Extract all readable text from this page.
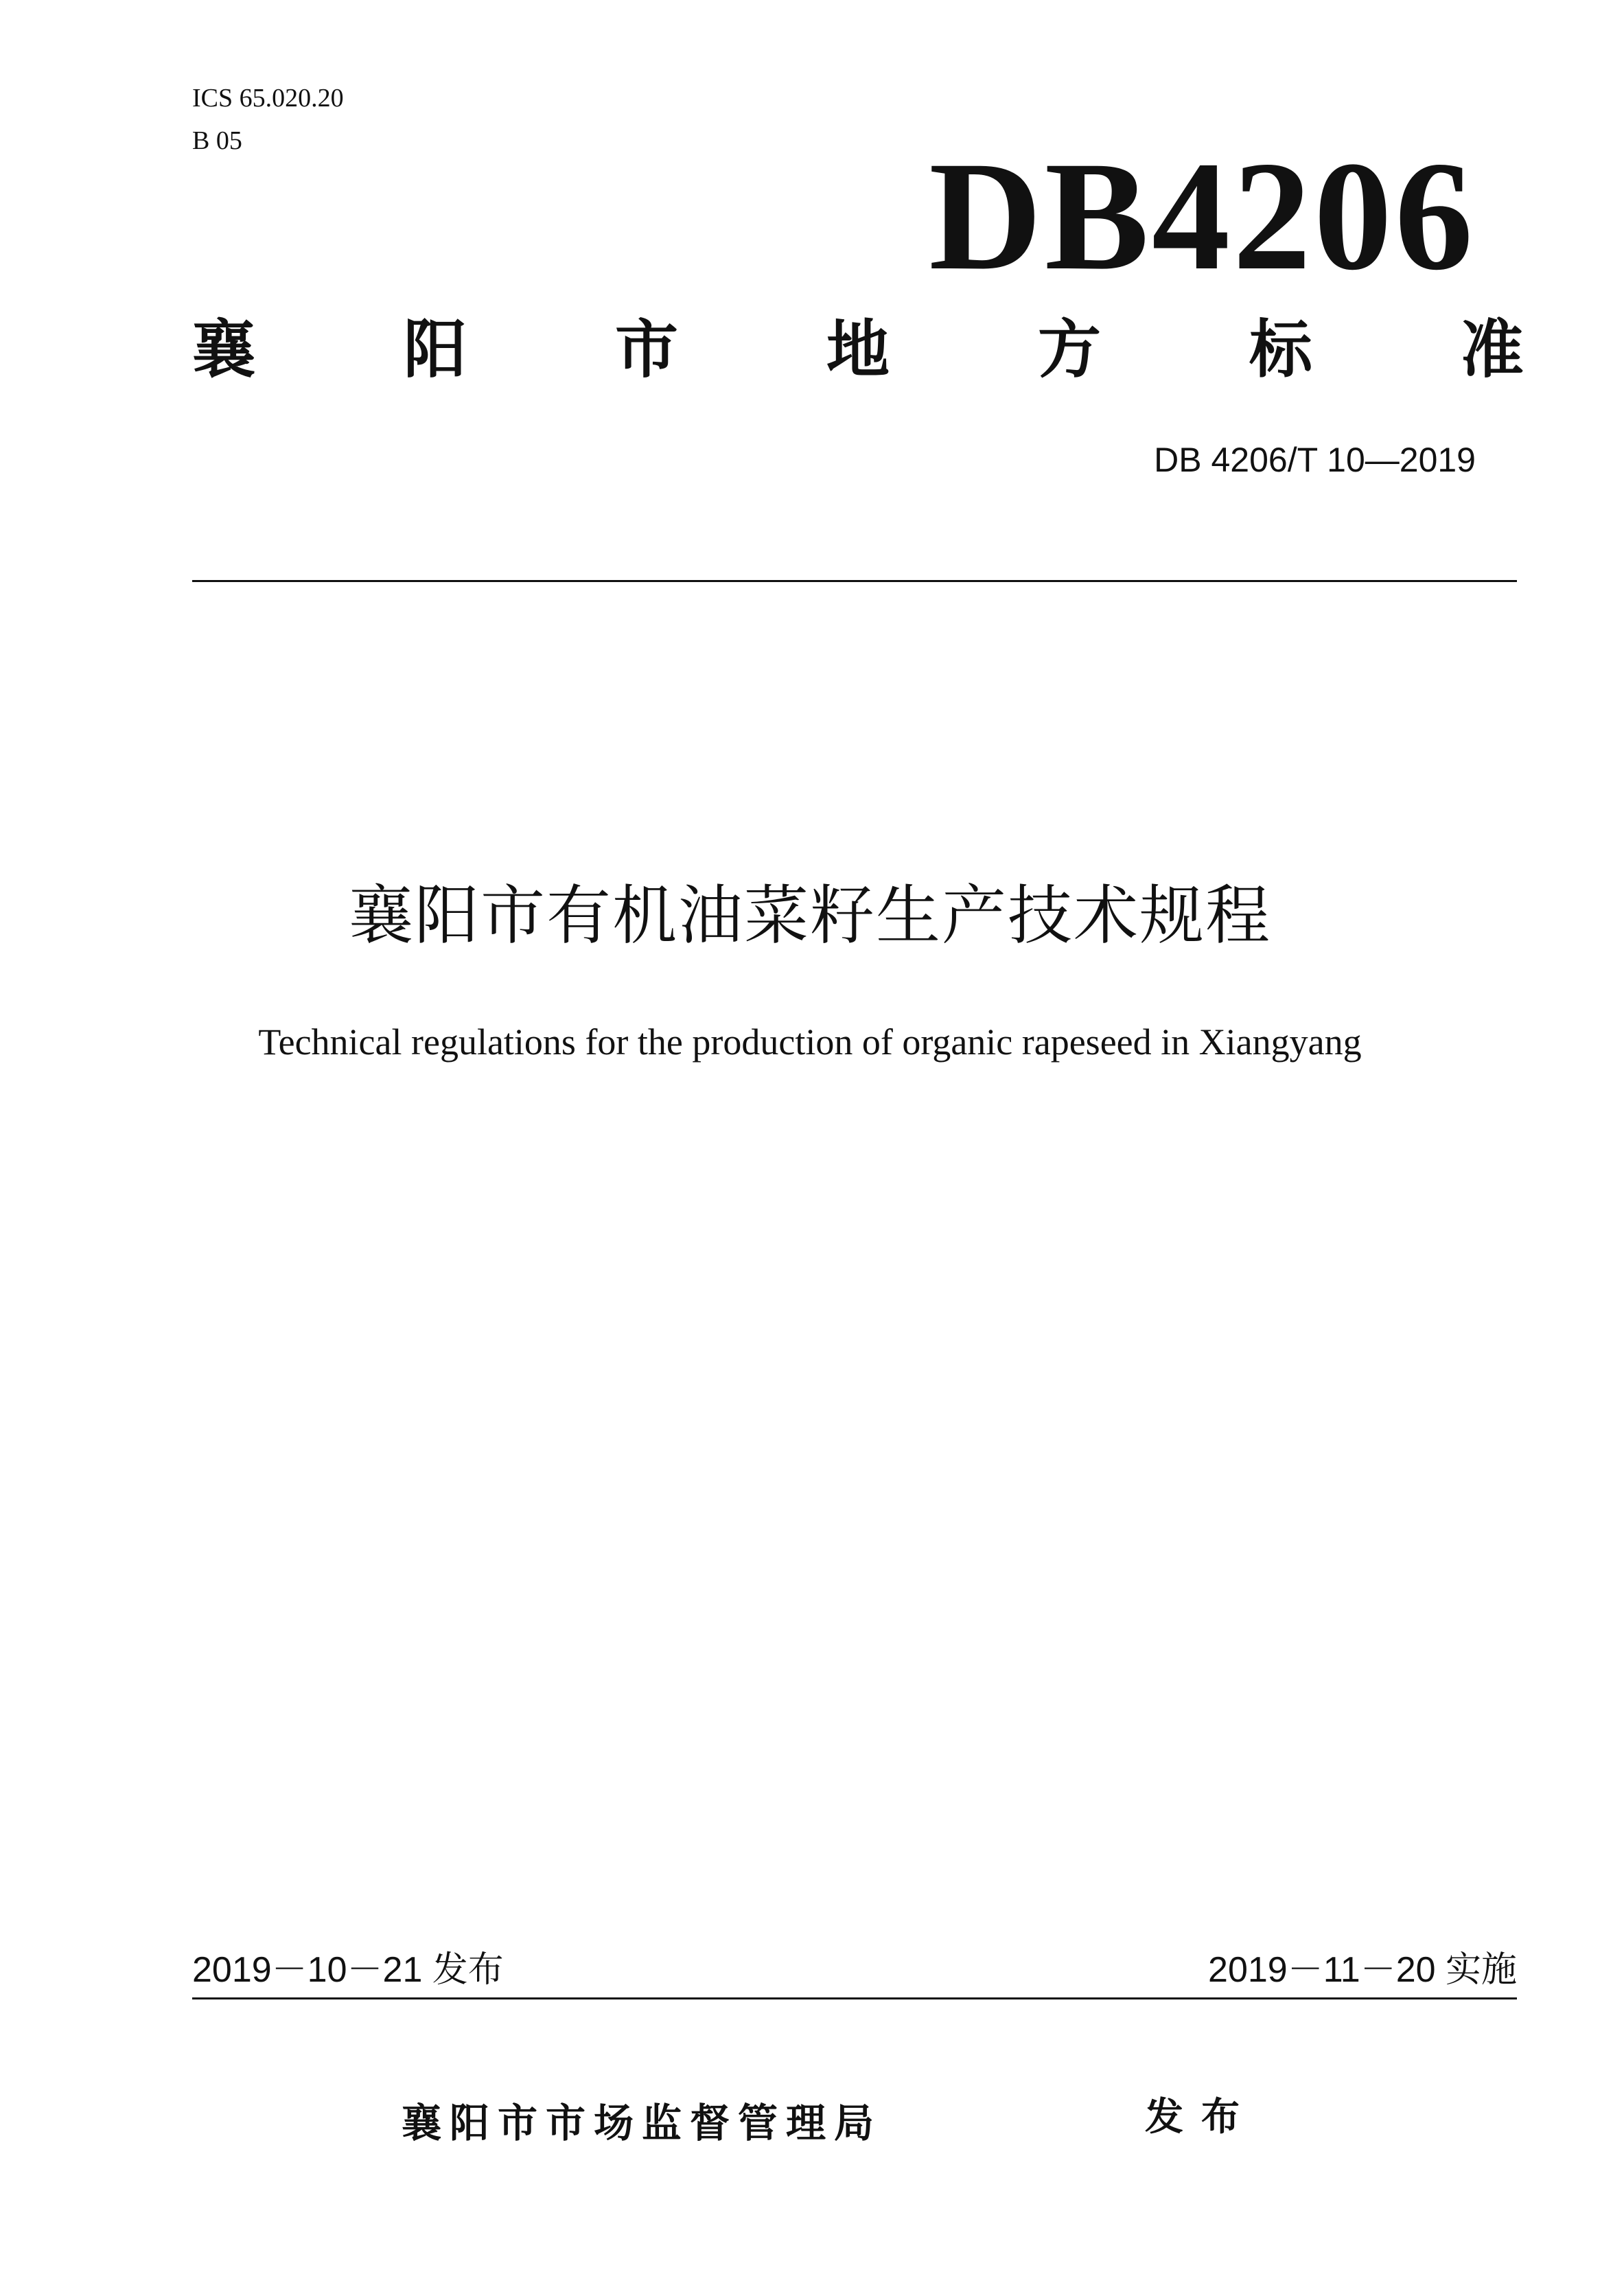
ICS 65.020.20
B 05	DB4206
襄 阳 市 地 方 标 准
DB 4206/T 10—2019
襄阳市有机油菜籽生产技术规程
Technical regulations for the production of organic rapeseed in Xiangyang
2019－10－21 发布	2019－11－20 实施
襄阳市市场监督管理局	发布
